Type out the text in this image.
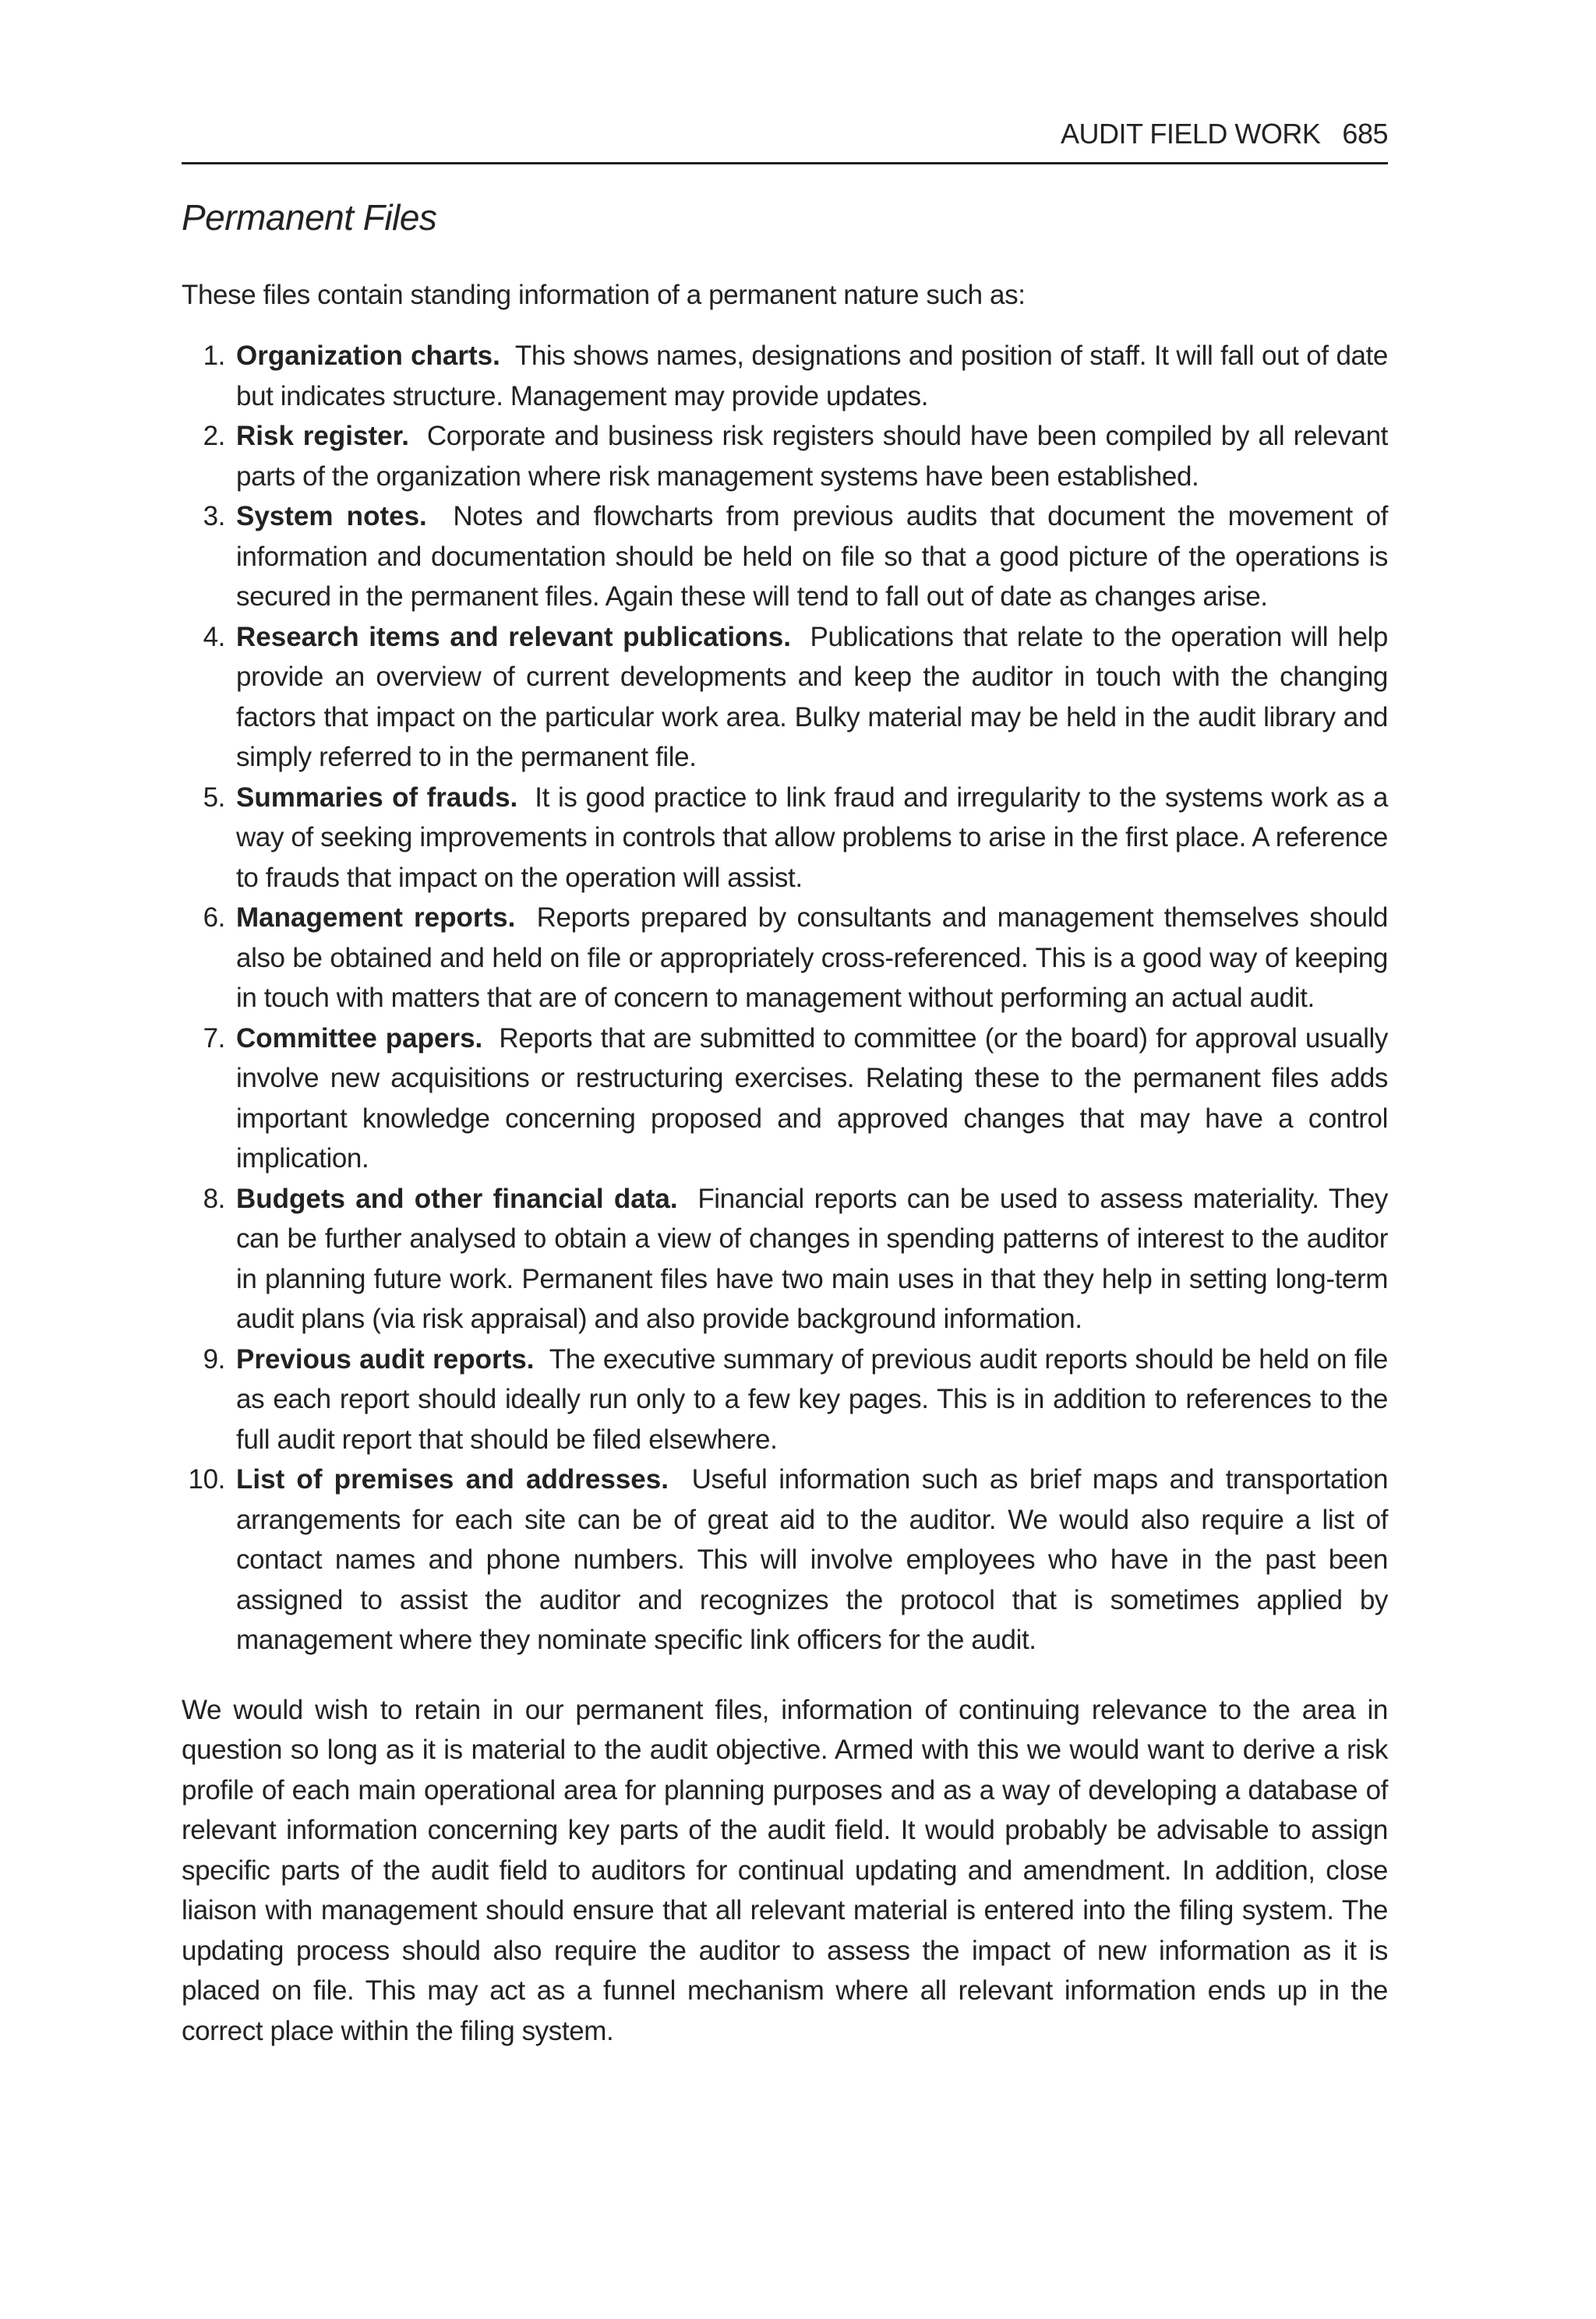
AUDIT FIELD WORK 685
Permanent Files

These files contain standing information of a permanent nature such as:

1. Organization charts. This shows names, designations and position of staff. It will fall out of date but indicates structure. Management may provide updates.
2. Risk register. Corporate and business risk registers should have been compiled by all relevant parts of the organization where risk management systems have been established.
3. System notes. Notes and flowcharts from previous audits that document the movement of information and documentation should be held on file so that a good picture of the operations is secured in the permanent files. Again these will tend to fall out of date as changes arise.
4. Research items and relevant publications. Publications that relate to the operation will help provide an overview of current developments and keep the auditor in touch with the changing factors that impact on the particular work area. Bulky material may be held in the audit library and simply referred to in the permanent file.
5. Summaries of frauds. It is good practice to link fraud and irregularity to the systems work as a way of seeking improvements in controls that allow problems to arise in the first place. A reference to frauds that impact on the operation will assist.
6. Management reports. Reports prepared by consultants and management themselves should also be obtained and held on file or appropriately cross-referenced. This is a good way of keeping in touch with matters that are of concern to management without performing an actual audit.
7. Committee papers. Reports that are submitted to committee (or the board) for approval usually involve new acquisitions or restructuring exercises. Relating these to the permanent files adds important knowledge concerning proposed and approved changes that may have a control implication.
8. Budgets and other financial data. Financial reports can be used to assess materiality. They can be further analysed to obtain a view of changes in spending patterns of interest to the auditor in planning future work. Permanent files have two main uses in that they help in setting long-term audit plans (via risk appraisal) and also provide background information.
9. Previous audit reports. The executive summary of previous audit reports should be held on file as each report should ideally run only to a few key pages. This is in addition to references to the full audit report that should be filed elsewhere.
10. List of premises and addresses. Useful information such as brief maps and transportation arrangements for each site can be of great aid to the auditor. We would also require a list of contact names and phone numbers. This will involve employees who have in the past been assigned to assist the auditor and recognizes the protocol that is sometimes applied by management where they nominate specific link officers for the audit.

We would wish to retain in our permanent files, information of continuing relevance to the area in question so long as it is material to the audit objective. Armed with this we would want to derive a risk profile of each main operational area for planning purposes and as a way of developing a database of relevant information concerning key parts of the audit field. It would probably be advisable to assign specific parts of the audit field to auditors for continual updating and amendment. In addition, close liaison with management should ensure that all relevant material is entered into the filing system. The updating process should also require the auditor to assess the impact of new information as it is placed on file. This may act as a funnel mechanism where all relevant information ends up in the correct place within the filing system.
